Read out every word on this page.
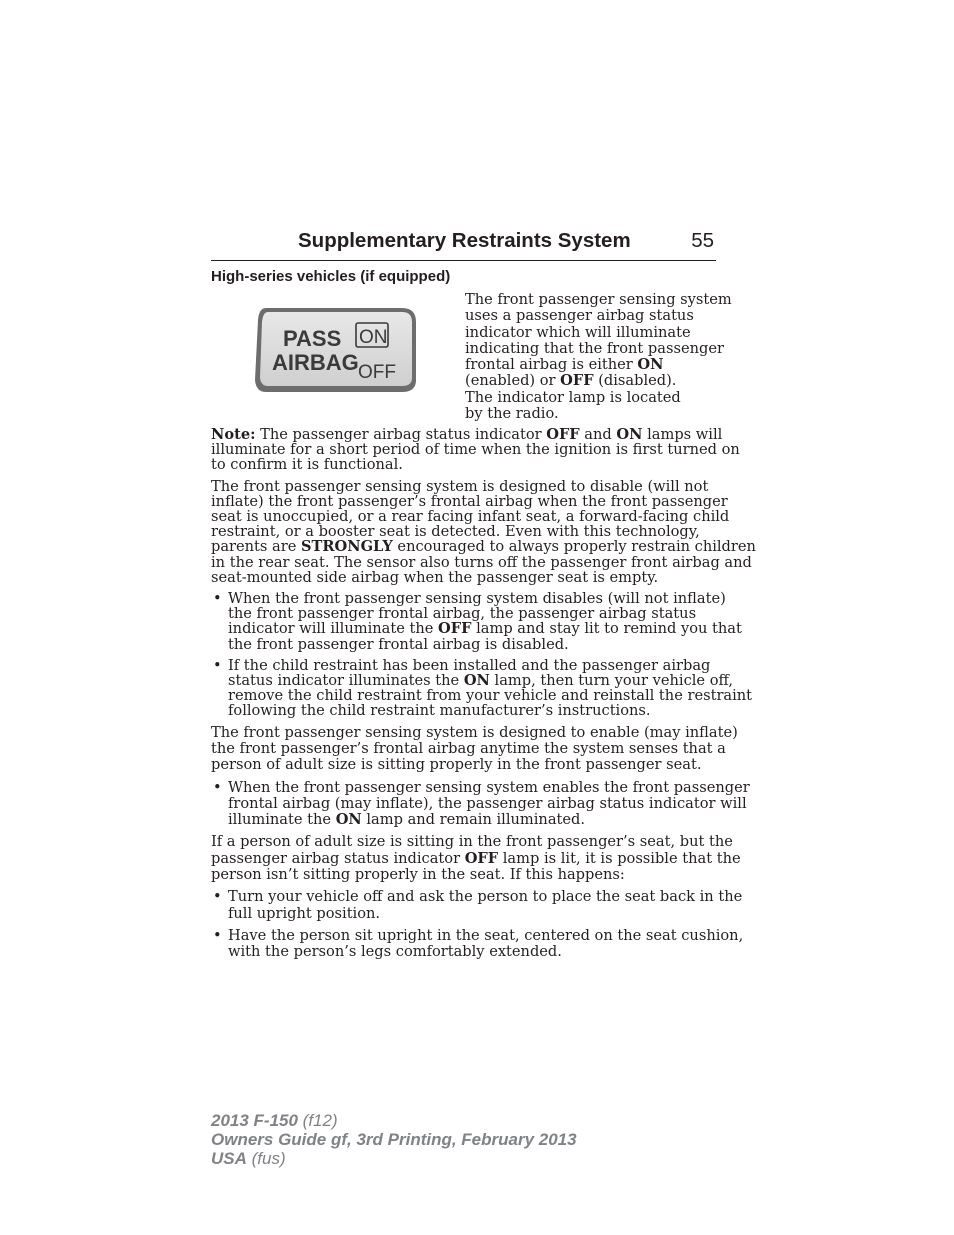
Supplementary Restraints System	55
High-series vehicles (if equipped)
PASS
AIRBAG
ON
OFF
The front passenger sensing system
uses a passenger airbag status
indicator which will illuminate
indicating that the front passenger
frontal airbag is either ON
(enabled) or OFF (disabled).
The indicator lamp is located
by the radio.

Note: The passenger airbag status indicator OFF and ON lamps will
illuminate for a short period of time when the ignition is first turned on
to confirm it is functional.

The front passenger sensing system is designed to disable (will not
inflate) the front passenger’s frontal airbag when the front passenger
seat is unoccupied, or a rear facing infant seat, a forward-facing child
restraint, or a booster seat is detected. Even with this technology,
parents are STRONGLY encouraged to always properly restrain children
in the rear seat. The sensor also turns off the passenger front airbag and
seat-mounted side airbag when the passenger seat is empty.

• When the front passenger sensing system disables (will not inflate)
the front passenger frontal airbag, the passenger airbag status
indicator will illuminate the OFF lamp and stay lit to remind you that
the front passenger frontal airbag is disabled.
• If the child restraint has been installed and the passenger airbag
status indicator illuminates the ON lamp, then turn your vehicle off,
remove the child restraint from your vehicle and reinstall the restraint
following the child restraint manufacturer’s instructions.

The front passenger sensing system is designed to enable (may inflate)
the front passenger’s frontal airbag anytime the system senses that a
person of adult size is sitting properly in the front passenger seat.

• When the front passenger sensing system enables the front passenger
frontal airbag (may inflate), the passenger airbag status indicator will
illuminate the ON lamp and remain illuminated.

If a person of adult size is sitting in the front passenger’s seat, but the
passenger airbag status indicator OFF lamp is lit, it is possible that the
person isn’t sitting properly in the seat. If this happens:

• Turn your vehicle off and ask the person to place the seat back in the
full upright position.
• Have the person sit upright in the seat, centered on the seat cushion,
with the person’s legs comfortably extended.
2013 F-150 (f12)
Owners Guide gf, 3rd Printing, February 2013
USA (fus)
